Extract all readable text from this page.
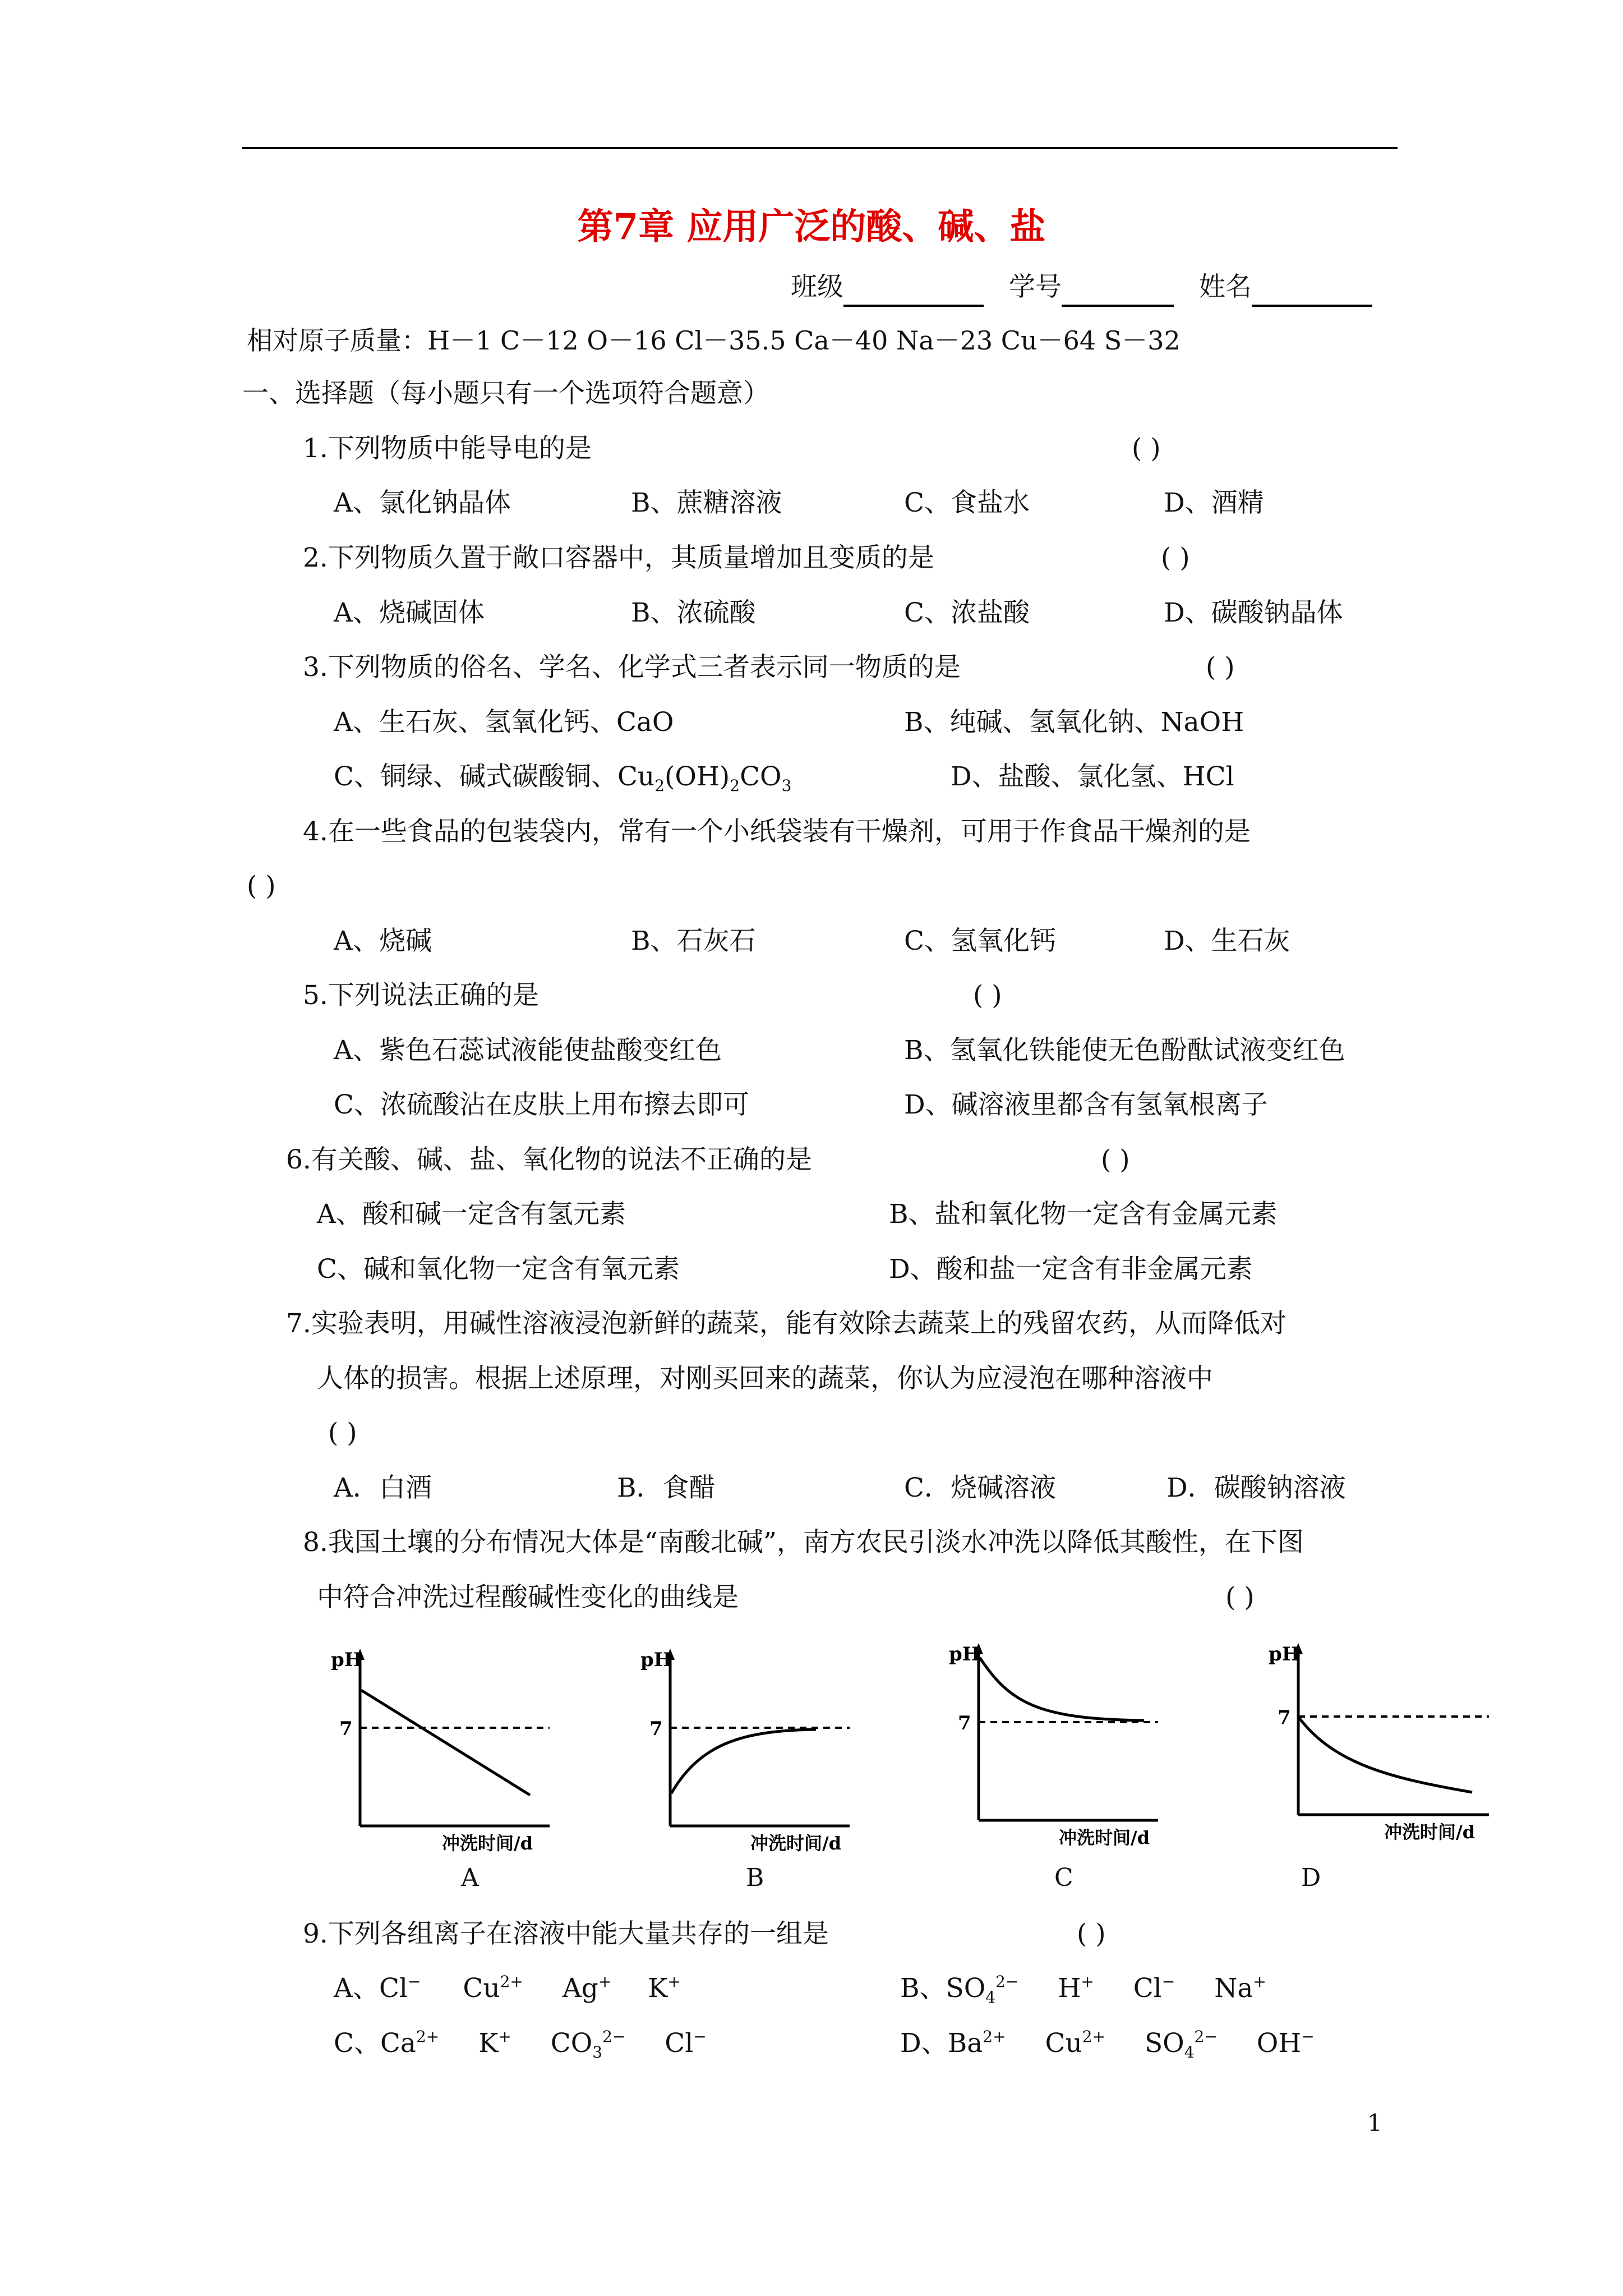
第7章 应用广泛的酸、碱、盐
班级	学号	姓名
相对原子质量：H－1 C－12 O－16 Cl－35.5 Ca－40 Na－23 Cu－64 S－32
一、选择题（每小题只有一个选项符合题意）
1.下列物质中能导电的是	( )
A、氯化钠晶体	B、蔗糖溶液	C、食盐水	D、酒精
2.下列物质久置于敞口容器中，其质量增加且变质的是	( )
A、烧碱固体	B、浓硫酸	C、浓盐酸	D、碳酸钠晶体
3.下列物质的俗名、学名、化学式三者表示同一物质的是	( )
A、生石灰、氢氧化钙、CaO	B、纯碱、氢氧化钠、NaOH
C、铜绿、碱式碳酸铜、$Cu_2(OH)_2CO_3$	D、盐酸、氯化氢、HCl
4.在一些食品的包装袋内，常有一个小纸袋装有干燥剂，可用于作食品干燥剂的是
( )
A、烧碱	B、石灰石	C、氢氧化钙	D、生石灰
5.下列说法正确的是	( )
A、紫色石蕊试液能使盐酸变红色	B、氢氧化铁能使无色酚酞试液变红色
C、浓硫酸沾在皮肤上用布擦去即可	D、碱溶液里都含有氢氧根离子
6.有关酸、碱、盐、氧化物的说法不正确的是	( )
A、酸和碱一定含有氢元素	B、盐和氧化物一定含有金属元素
C、碱和氧化物一定含有氧元素	D、酸和盐一定含有非金属元素
7.实验表明，用碱性溶液浸泡新鲜的蔬菜，能有效除去蔬菜上的残留农药，从而降低对
人体的损害。根据上述原理，对刚买回来的蔬菜，你认为应浸泡在哪种溶液中
( )
A．白酒	B．食醋	C．烧碱溶液	D．碳酸钠溶液
8.我国土壤的分布情况大体是“南酸北碱”，南方农民引淡水冲洗以降低其酸性，在下图
中符合冲洗过程酸碱性变化的曲线是	( )
pH
7
冲洗时间/d
A
pH
7
冲洗时间/d
B
pH
7
冲洗时间/d
C
pH
7
冲洗时间/d
D
9.下列各组离子在溶液中能大量共存的一组是	( )
A、Cl− $Cu^{2+}$ Ag+ K+	B、$SO_4^{2-}$ H+ Cl− Na+
C、$Ca^{2+}$ K+ $CO_3^{2-}$ Cl−	D、$Ba^{2+}$ $Cu^{2+}$ $SO_4^{2-}$ OH−
1
